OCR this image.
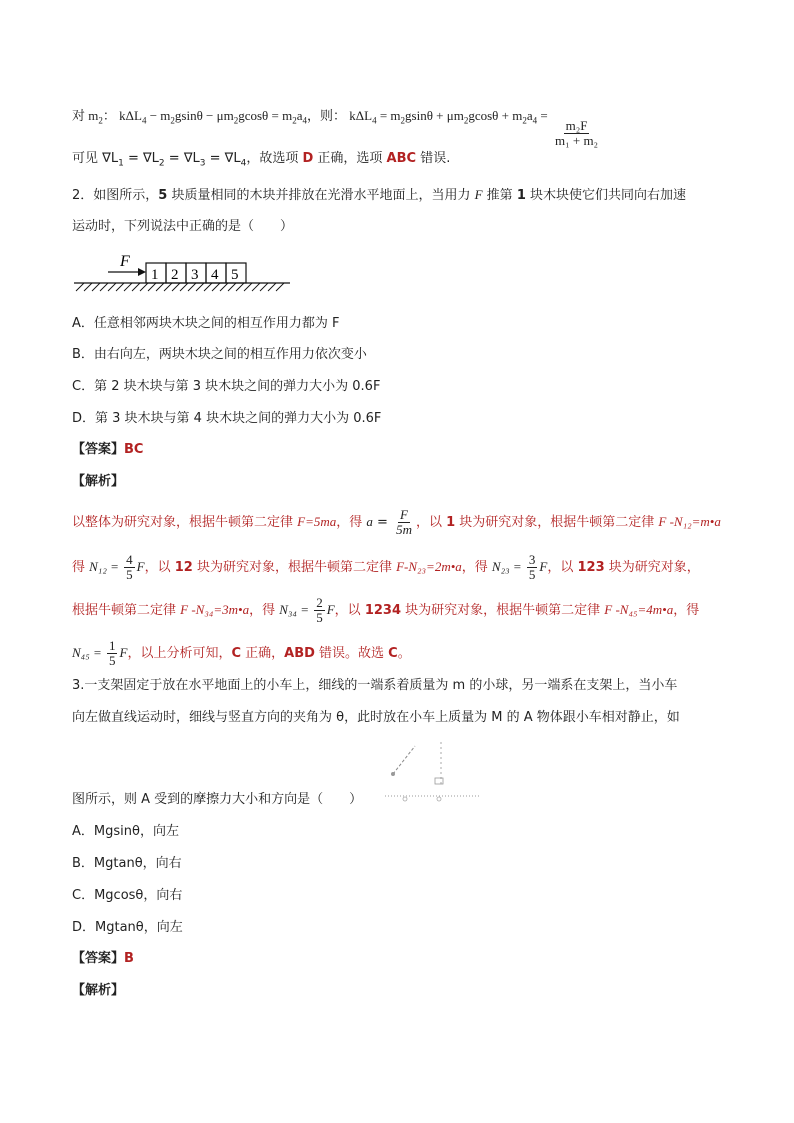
对 $m_2$： $k\Delta L_4 - m_2gsin\theta - \mu m_2gcos\theta = m_2a_4$，则： $k\Delta L_4 = m_2gsin\theta + \mu m_2gcos\theta + m_2a_4$ =
$\frac{\text{m₂F}}{\text{m₁ + m₂}}$
可见 $\nabla L_1 = \nabla L_2 = \nabla L_3 = \nabla L_4$，故选项 D 正确，选项 ABC 错误.
2．如图所示，5 块质量相同的木块并排放在光滑水平地面上，当用力 F 推第 1 块木块使它们共同向右加速
运动时，下列说法中正确的是（　　）
F
1 2 3 4 5
A．任意相邻两块木块之间的相互作用力都为 F
B．由右向左，两块木块之间的相互作用力依次变小
C．第 2 块木块与第 3 块木块之间的弹力大小为 0.6F
D．第 3 块木块与第 4 块木块之间的弹力大小为 0.6F
【答案】BC
【解析】
以整体为研究对象，根据牛顿第二定律 F=5ma，得 $a = \frac{F}{5m}$ ，以 1 块为研究对象，根据牛顿第二定律 F -N₁₂=m•a
得 $N_{12} = \frac{4}{5}$ F，以 12 块为研究对象，根据牛顿第二定律 F-N₂₃=2m•a，得 $N_{23} = \frac{3}{5}$ F，以 123 块为研究对象，
根据牛顿第二定律 F -N₃₄=3m•a，得 $N_{34} = \frac{2}{5}$ F，以 1234 块为研究对象，根据牛顿第二定律 F -N₄₅=4m•a，得
$N_{45} = \frac{1}{5}$ F，以上分析可知，C 正确，ABD 错误。故选 C。
3.一支架固定于放在水平地面上的小车上，细线的一端系着质量为 m 的小球，另一端系在支架上，当小车
向左做直线运动时，细线与竖直方向的夹角为 θ，此时放在小车上质量为 M 的 A 物体跟小车相对静止，如
图所示，则 A 受到的摩擦力大小和方向是（　　）
A．Mgsinθ，向左
B．Mgtanθ，向右
C．Mgcosθ，向右
D．Mgtanθ，向左
【答案】B
【解析】
